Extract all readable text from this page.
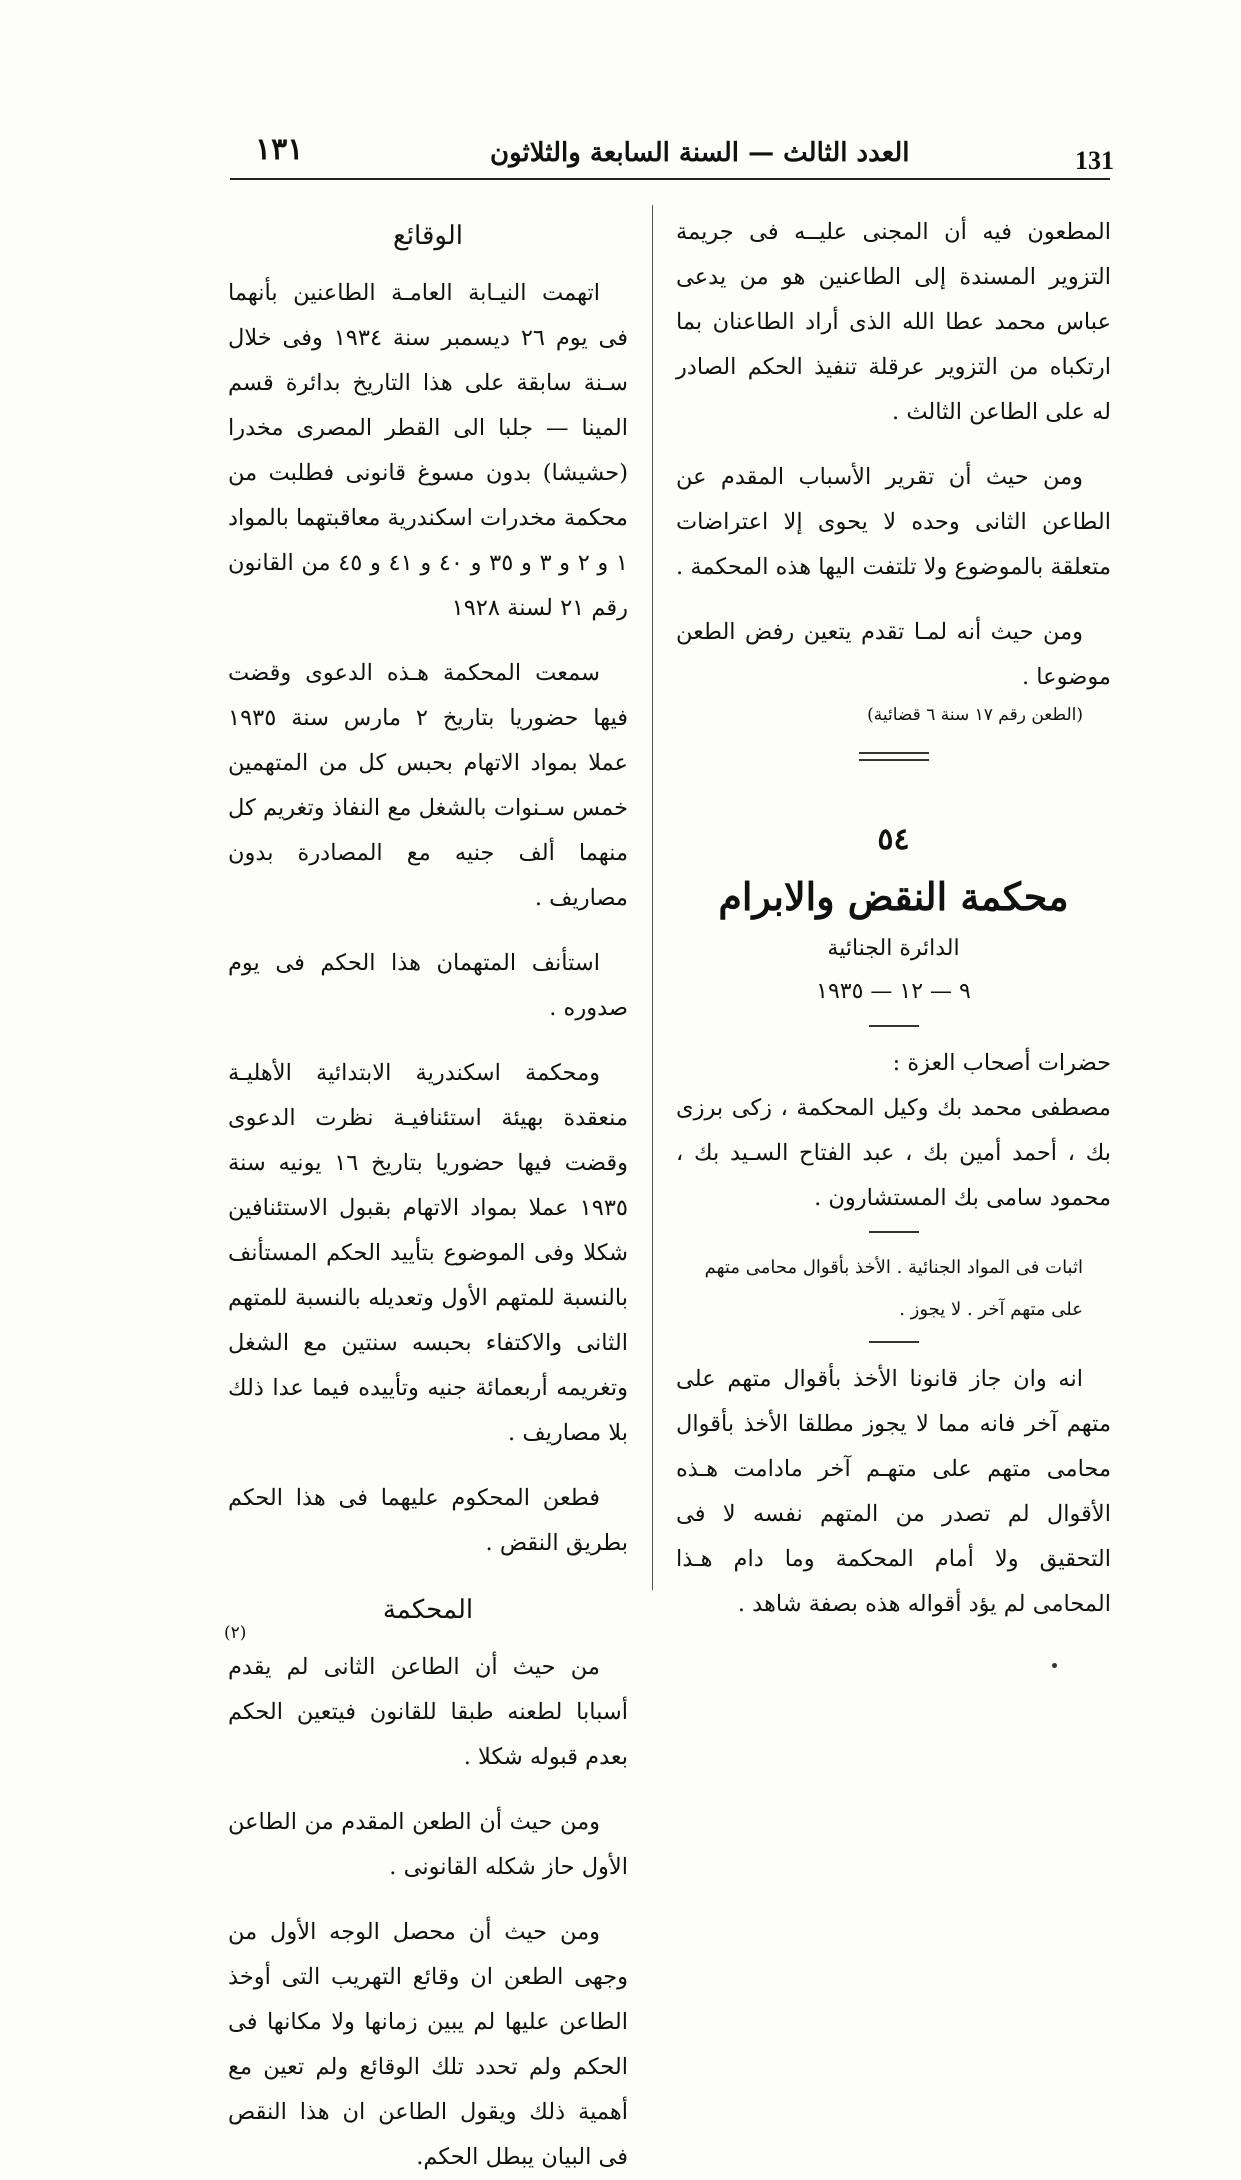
131
العدد الثالث — السنة السابعة والثلاثون
١٣١

المطعون فيه أن المجنى عليــه فى جريمة التزوير المسندة إلى الطاعنين هو من يدعى عباس محمد عطا الله الذى أراد الطاعنان بما ارتكباه من التزوير عرقلة تنفيذ الحكم الصادر له على الطاعن الثالث .

ومن حيث أن تقرير الأسباب المقدم عن الطاعن الثانى وحده لا يحوى إلا اعتراضات متعلقة بالموضوع ولا تلتفت اليها هذه المحكمة .

ومن حيث أنه لمـا تقدم يتعين رفض الطعن موضوعا .

(الطعن رقم ١٧ سنة ٦ قضائية)

٥٤
محكمة النقض والابرام
الدائرة الجنائية
٩ — ١٢ — ١٩٣٥

حضرات أصحاب العزة :

مصطفى محمد بك وكيل المحكمة ، زكى برزى بك ، أحمد أمين بك ، عبد الفتاح السـيد بك ، محمود سامى بك المستشارون .

اثبات فى المواد الجنائية . الأخذ بأقوال محامى متهم على متهم آخر . لا يجوز .

انه وان جاز قانونا الأخذ بأقوال متهم على متهم آخر فانه مما لا يجوز مطلقا الأخذ بأقوال محامى متهم على متهـم آخر مادامت هـذه الأقوال لم تصدر من المتهم نفسه لا فى التحقيق ولا أمام المحكمة وما دام هـذا المحامى لم يؤد أقواله هذه بصفة شاهد .

الوقائع

اتهمت النيـابة العامـة الطاعنين بأنهما فى يوم ٢٦ ديسمبر سنة ١٩٣٤ وفى خلال سـنة سابقة على هذا التاريخ بدائرة قسم المينا — جلبا الى القطر المصرى مخدرا (حشيشا) بدون مسوغ قانونى فطلبت من محكمة مخدرات اسكندرية معاقبتهما بالمواد ١ و ٢ و ٣ و ٣٥ و ٤٠ و ٤١ و ٤٥ من القانون رقم ٢١ لسنة ١٩٢٨

سمعت المحكمة هـذه الدعوى وقضت فيها حضوريا بتاريخ ٢ مارس سنة ١٩٣٥ عملا بمواد الاتهام بحبس كل من المتهمين خمس سـنوات بالشغل مع النفاذ وتغريم كل منهما ألف جنيه مع المصادرة بدون مصاريف .

استأنف المتهمان هذا الحكم فى يوم صدوره .

ومحكمة اسكندرية الابتدائية الأهليـة منعقدة بهيئة استئنافيـة نظرت الدعوى وقضت فيها حضوريا بتاريخ ١٦ يونيه سنة ١٩٣٥ عملا بمواد الاتهام بقبول الاستئنافين شكلا وفى الموضوع بتأييد الحكم المستأنف بالنسبة للمتهم الأول وتعديله بالنسبة للمتهم الثانى والاكتفاء بحبسه سنتين مع الشغل وتغريمه أربعمائة جنيه وتأييده فيما عدا ذلك بلا مصاريف .

فطعن المحكوم عليهما فى هذا الحكم بطريق النقض .

المحكمة

من حيث أن الطاعن الثانى لم يقدم أسبابا لطعنه طبقا للقانون فيتعين الحكم بعدم قبوله شكلا .

ومن حيث أن الطعن المقدم من الطاعن الأول حاز شكله القانونى .

ومن حيث أن محصل الوجه الأول من وجهى الطعن ان وقائع التهريب التى أوخذ الطاعن عليها لم يبين زمانها ولا مكانها فى الحكم ولم تحدد تلك الوقائع ولم تعين مع أهمية ذلك ويقول الطاعن ان هذا النقص فى البيان يبطل الحكم.

(٢)
